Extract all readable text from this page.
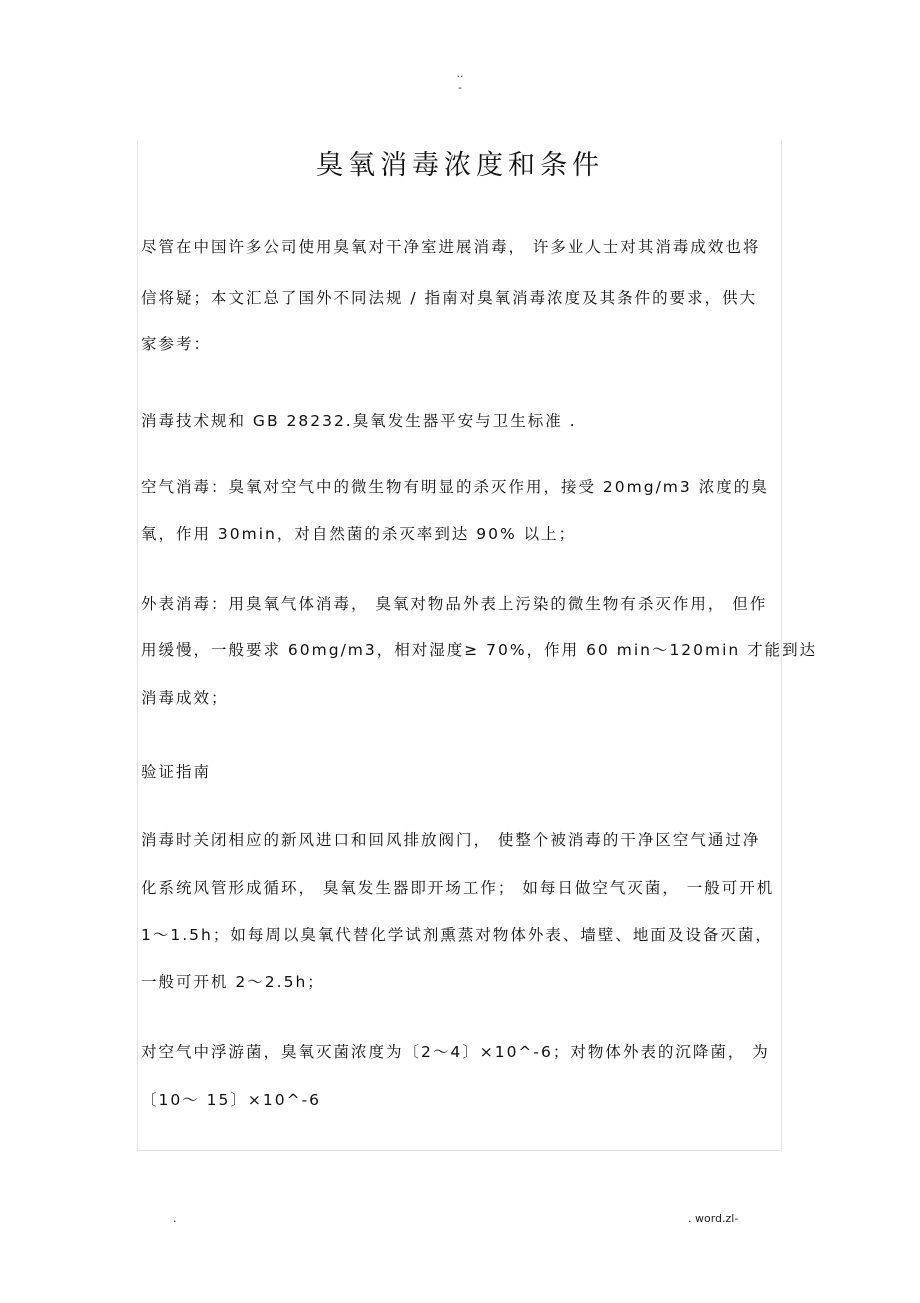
..
-
臭氧消毒浓度和条件
尽管在中国许多公司使用臭氧对干净室进展消毒， 许多业人士对其消毒成效也将
信将疑；本文汇总了国外不同法规 / 指南对臭氧消毒浓度及其条件的要求，供大
家参考：
消毒技术规和 GB 28232.臭氧发生器平安与卫生标准 .
空气消毒：臭氧对空气中的微生物有明显的杀灭作用，接受 20mg/m3 浓度的臭
氧，作用 30min，对自然菌的杀灭率到达 90% 以上；
外表消毒：用臭氧气体消毒， 臭氧对物品外表上污染的微生物有杀灭作用， 但作
用缓慢，一般要求 60mg/m3，相对湿度≥ 70%，作用 60 min～120min 才能到达
消毒成效；
验证指南
消毒时关闭相应的新风进口和回风排放阀门， 使整个被消毒的干净区空气通过净
化系统风管形成循环， 臭氧发生器即开场工作； 如每日做空气灭菌， 一般可开机
1～1.5h；如每周以臭氧代替化学试剂熏蒸对物体外表、墙壁、地面及设备灭菌，
一般可开机 2～2.5h；
对空气中浮游菌，臭氧灭菌浓度为〔2～4〕×10^-6；对物体外表的沉降菌， 为
〔10～ 15〕×10^-6
.	. word.zl-
